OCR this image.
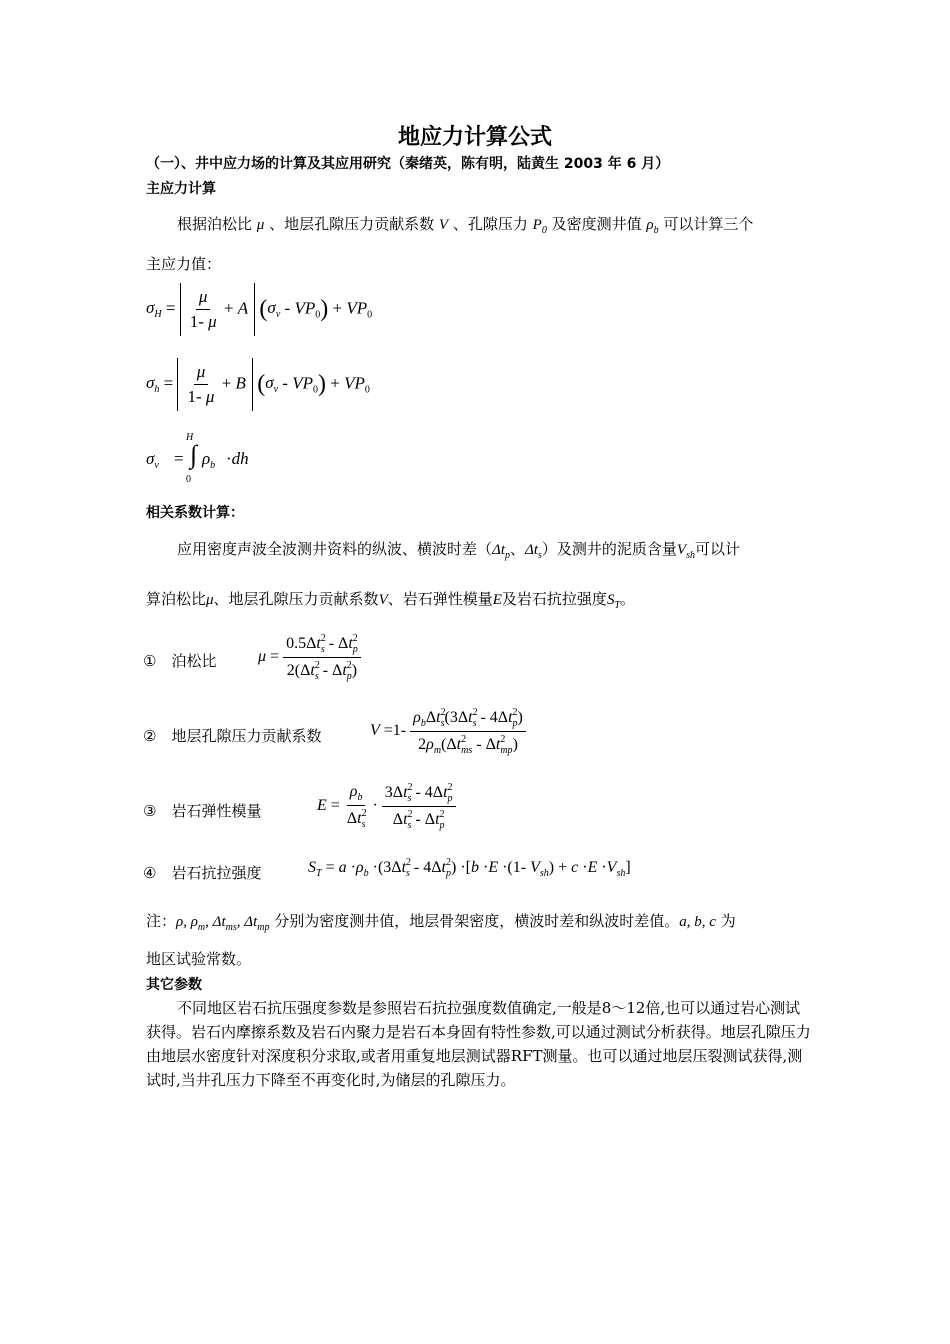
地应力计算公式
（一）、井中应力场的计算及其应用研究（秦绪英，陈有明，陆黄生 2003 年 6 月）
主应力计算
根据泊松比 μ 、地层孔隙压力贡献系数 V 、孔隙压力 $P_0$ 及密度测井值 $\rho_b$ 可以计算三个
主应力值：
$\sigma_H = \frac{\mu}{1- \mu} + A$ $(\sigma_v - VP_0) + VP_0$
$\sigma_h = \frac{\mu}{1- \mu} + B$ $(\sigma_v - VP_0) + VP_0$
$\sigma_v$ =
H
∫
0
$\rho_b \cdot dh$
相关系数计算：
应用密度声波全波测井资料的纵波、横波时差（$\Delta t_p$、$\Delta t_s$）及测井的泥质含量$V_{sh}$可以计
算泊松比μ、地层孔隙压力贡献系数V、岩石弹性模量E及岩石抗拉强度$S_T$。
① 泊松比	$\mu = \frac{0.5\Delta t^2_s - \Delta t^2_p}{2(\Delta t^2_s - \Delta t^2_p)}$
② 地层孔隙压力贡献系数	$V =1- \frac{\rho_b\Delta t^2_s(3\Delta t^2_s - 4\Delta t^2_p)}{2\rho_m(\Delta t^2_{ms} - \Delta t^2_{mp})}$
③ 岩石弹性模量	$E = \frac{\rho_b}{\Delta t^2_s} \cdot \frac{3\Delta t^2_s - 4\Delta t^2_p}{\Delta t^2_s - \Delta t^2_p}$
④ 岩石抗拉强度	$S_T = a \cdot\rho_b \cdot(3\Delta t^2_s - 4\Delta t^2_p) \cdot[b \cdot E \cdot(1-$ $V_{sh}) + c \cdot E \cdot V_{sh}$]
注：ρ, $\rho_m$, $\Delta t_{ms}$, $\Delta t_{mp}$ 分别为密度测井值，地层骨架密度，横波时差和纵波时差值。a, b, c 为
地区试验常数。
其它参数
不同地区岩石抗压强度参数是参照岩石抗拉强度数值确定,一般是8～12倍,也可以通过岩心测试获得。岩石内摩擦系数及岩石内聚力是岩石本身固有特性参数,可以通过测试分析获得。地层孔隙压力由地层水密度针对深度积分求取,或者用重复地层测试器RFT测量。也可以通过地层压裂测试获得,测试时,当井孔压力下降至不再变化时,为储层的孔隙压力。
